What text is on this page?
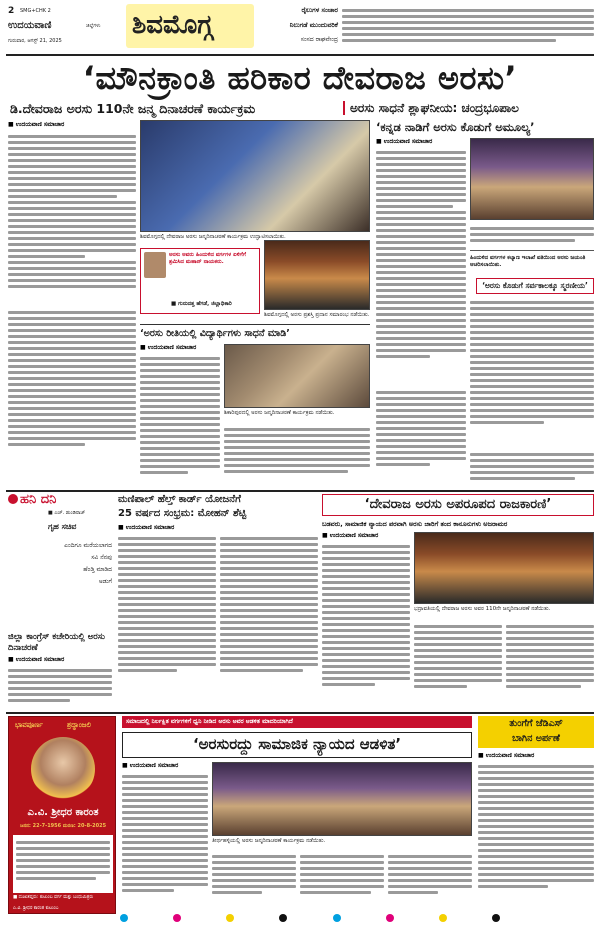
2 SMG+CHK 2
ಉದಯವಾಣಿ	ಜಿಲ್ಲೆಗಳು
ಗುರುವಾರ, ಆಗಸ್ಟ್ 21, 2025
ಶಿವಮೊಗ್ಗ	ರೈಲುಗಳ ಸಂಚಾರ
ನಿಲುಗಡೆ ಮುಂದುವರಿಕೆ
ಸಂಸದ ರಾಘವೇಂದ್ರ
‘ಮೌನಕ್ರಾಂತಿ ಹರಿಕಾರ ದೇವರಾಜ ಅರಸು’
ಡಿ.ದೇವರಾಜ ಅರಸು 110ನೇ ಜನ್ಮ ದಿನಾಚರಣೆ ಕಾರ್ಯಕ್ರಮ	ಅರಸು ಸಾಧನೆ ಶ್ಲಾಘನೀಯ: ಚಂದ್ರಭೂಪಾಲ
■ ಉದಯವಾಣಿ ಸಮಾಚಾರ
ಶಿವಮೊಗ್ಗದಲ್ಲಿ ದೇವರಾಜ ಅರಸು ಜನ್ಮದಿನಾಚರಣೆ ಕಾರ್ಯಕ್ರಮ ಉದ್ಘಾಟಿಸಲಾಯಿತು.
ಅರಸು ಅವರು ಹಿಂದುಳಿದ ವರ್ಗಗಳ ಏಳಿಗೆಗೆ ಶ್ರಮಿಸಿದ ಮಹಾನ್ ನಾಯಕರು.
■ ಗುರುದತ್ತ ಹೆಗಡೆ, ಜಿಲ್ಲಾಧಿಕಾರಿ
ಶಿವಮೊಗ್ಗದಲ್ಲಿ ಅರಸು ಪ್ರಶಸ್ತಿ ಪ್ರದಾನ ಸಮಾರಂಭ ನಡೆಯಿತು.
‘ಕನ್ನಡ ನಾಡಿಗೆ ಅರಸು ಕೊಡುಗೆ ಅಮೂಲ್ಯ’
■ ಉದಯವಾಣಿ ಸಮಾಚಾರ
ಹಿಂದುಳಿದ ವರ್ಗಗಳ ಕಲ್ಯಾಣ ಇಲಾಖೆ ವತಿಯಿಂದ ಅರಸು ಜಯಂತಿ ಆಚರಿಸಲಾಯಿತು.
‘ಅರಸು ಕೊಡುಗೆ ಸರ್ವಕಾಲಕ್ಕೂ ಸ್ಮರಣೀಯ’
‘ಅರಸು ರೀತಿಯಲ್ಲಿ ವಿದ್ಯಾರ್ಥಿಗಳು ಸಾಧನೆ ಮಾಡಿ’
■ ಉದಯವಾಣಿ ಸಮಾಚಾರ
ಶಿಕಾರಿಪುರದಲ್ಲಿ ಅರಸು ಜನ್ಮದಿನಾಚರಣೆ ಕಾರ್ಯಕ್ರಮ ನಡೆಯಿತು.
ಹನಿ ದನಿ
■ ಎಚ್. ಡುಂಡಿರಾಜ್
ಗೃಹ ಸಚಿವ
ಎಂದಿಗೂ ಮರೆಯಲಾಗದ
ಸವಿ ನೆನಪು
ಹೆಂಡ್ತಿ ಮಾಡಿದ
ಅಡುಗೆ
ಜಿಲ್ಲಾ ಕಾಂಗ್ರೆಸ್ ಕಚೇರಿಯಲ್ಲಿ ಅರಸು ದಿನಾಚರಣೆ
■ ಉದಯವಾಣಿ ಸಮಾಚಾರ
ಮಣಿಪಾಲ್ ಹೆಲ್ತ್ ಕಾರ್ಡ್ ಯೋಜನೆಗೆ
25 ವರ್ಷದ ಸಂಭ್ರಮ: ಮೋಹನ್ ಶೆಟ್ಟಿ
■ ಉದಯವಾಣಿ ಸಮಾಚಾರ
‘ದೇವರಾಜ ಅರಸು ಅಪರೂಪದ ರಾಜಕಾರಣಿ’
ಬಡವರು, ಸಾಮಾಜಿಕ ನ್ಯಾಯದ ಪರವಾಗಿ ಅರಸು ಜಾರಿಗೆ ತಂದ ಕಾನೂನುಗಳು ಅಜರಾಮರ
■ ಉದಯವಾಣಿ ಸಮಾಚಾರ
ಭದ್ರಾವತಿಯಲ್ಲಿ ದೇವರಾಜ ಅರಸು ಅವರ 110ನೇ ಜನ್ಮದಿನಾಚರಣೆ ನಡೆಯಿತು.
ಭಾವಪೂರ್ಣ	ಶ್ರದ್ಧಾಂಜಲಿ
ಎ.ವಿ. ಶ್ರೀಧರ ಕಾರಂತ
ಜನನ: 22-7-1956 ಮರಣ: 20-8-2025
■ ದುಃಖತಪ್ತರು: ಕುಟುಂಬ ವರ್ಗ ಮತ್ತು ಬಂಧುಮಿತ್ರರು
ಎ.ವಿ. ಶ್ರೀಧರ ಕಾರಂತ ಕುಟುಂಬ
ಸಮಾಜದಲ್ಲಿ ನಿರ್ಲಕ್ಷಿತ ವರ್ಗಗಳಿಗೆ ಧ್ವನಿ ನೀಡಿದ ಅರಸು ಅವರ ಆಡಳಿತ ಮಾದರಿಯಾಗಿದೆ
‘ಅರಸುರದ್ದು ಸಾಮಾಜಿಕ ನ್ಯಾಯದ ಆಡಳಿತ’
■ ಉದಯವಾಣಿ ಸಮಾಚಾರ
ತೀರ್ಥಹಳ್ಳಿಯಲ್ಲಿ ಅರಸು ಜನ್ಮದಿನಾಚರಣೆ ಕಾರ್ಯಕ್ರಮ ನಡೆಯಿತು.
ತುಂಗೆಗೆ ಜೆಡಿಎಸ್
ಬಾಗಿನ ಅರ್ಪಣೆ
■ ಉದಯವಾಣಿ ಸಮಾಚಾರ
